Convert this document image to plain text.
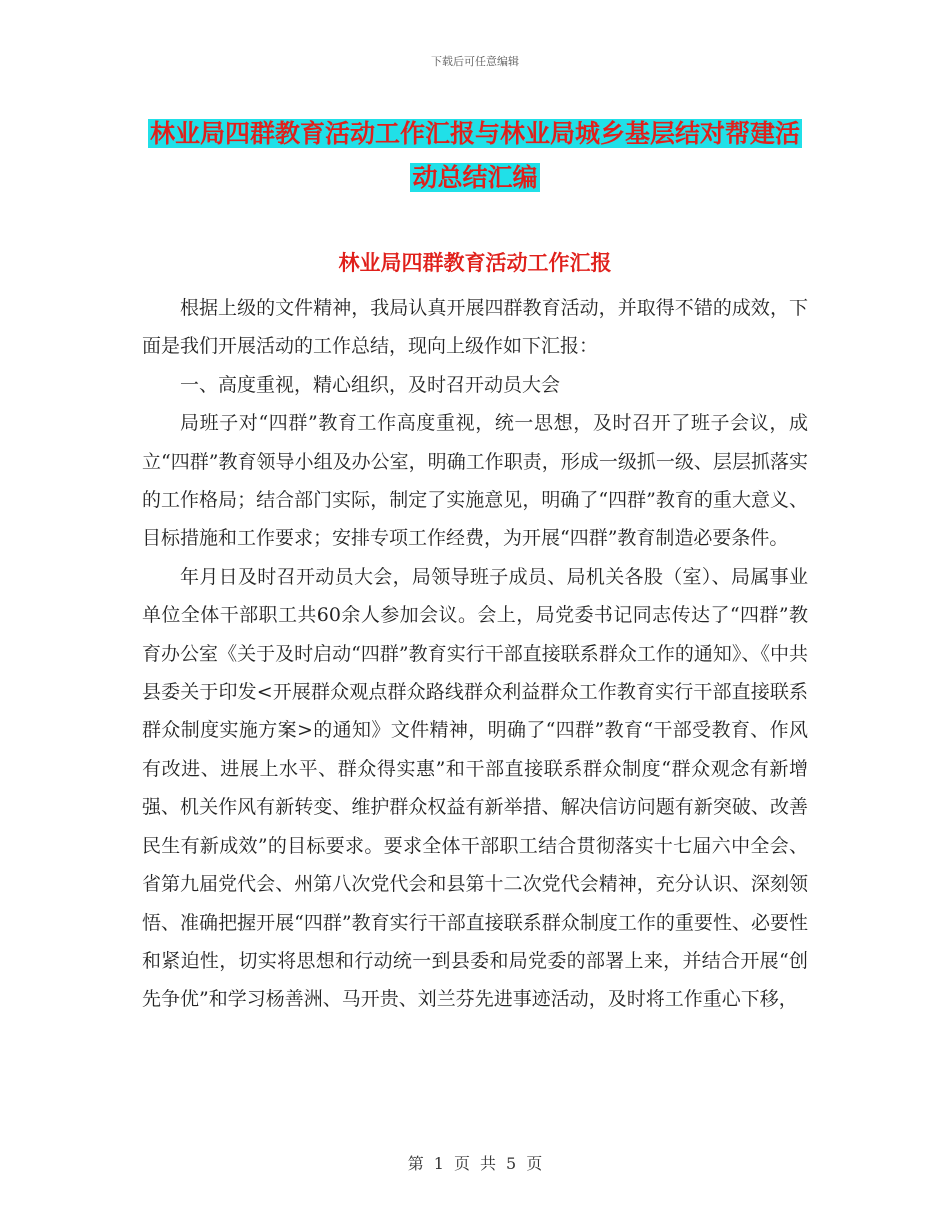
下载后可任意编辑
林业局四群教育活动工作汇报与林业局城乡基层结对帮建活动总结汇编
林业局四群教育活动工作汇报

根据上级的文件精神，我局认真开展四群教育活动，并取得不错的成效，下面是我们开展活动的工作总结，现向上级作如下汇报：

一、高度重视，精心组织，及时召开动员大会

局班子对“四群”教育工作高度重视，统一思想，及时召开了班子会议，成立“四群”教育领导小组及办公室，明确工作职责，形成一级抓一级、层层抓落实的工作格局；结合部门实际，制定了实施意见，明确了“四群”教育的重大意义、目标措施和工作要求；安排专项工作经费，为开展“四群”教育制造必要条件。

年月日及时召开动员大会，局领导班子成员、局机关各股（室）、局属事业单位全体干部职工共60余人参加会议。会上，局党委书记同志传达了“四群”教育办公室《关于及时启动“四群”教育实行干部直接联系群众工作的通知》、《中共县委关于印发<开展群众观点群众路线群众利益群众工作教育实行干部直接联系群众制度实施方案>的通知》文件精神，明确了“四群”教育“干部受教育、作风有改进、进展上水平、群众得实惠”和干部直接联系群众制度“群众观念有新增强、机关作风有新转变、维护群众权益有新举措、解决信访问题有新突破、改善民生有新成效”的目标要求。要求全体干部职工结合贯彻落实十七届六中全会、省第九届党代会、州第八次党代会和县第十二次党代会精神，充分认识、深刻领悟、准确把握开展“四群”教育实行干部直接联系群众制度工作的重要性、必要性和紧迫性，切实将思想和行动统一到县委和局党委的部署上来，并结合开展“创先争优”和学习杨善洲、马开贵、刘兰芬先进事迹活动，及时将工作重心下移，

第 1 页 共 5 页
